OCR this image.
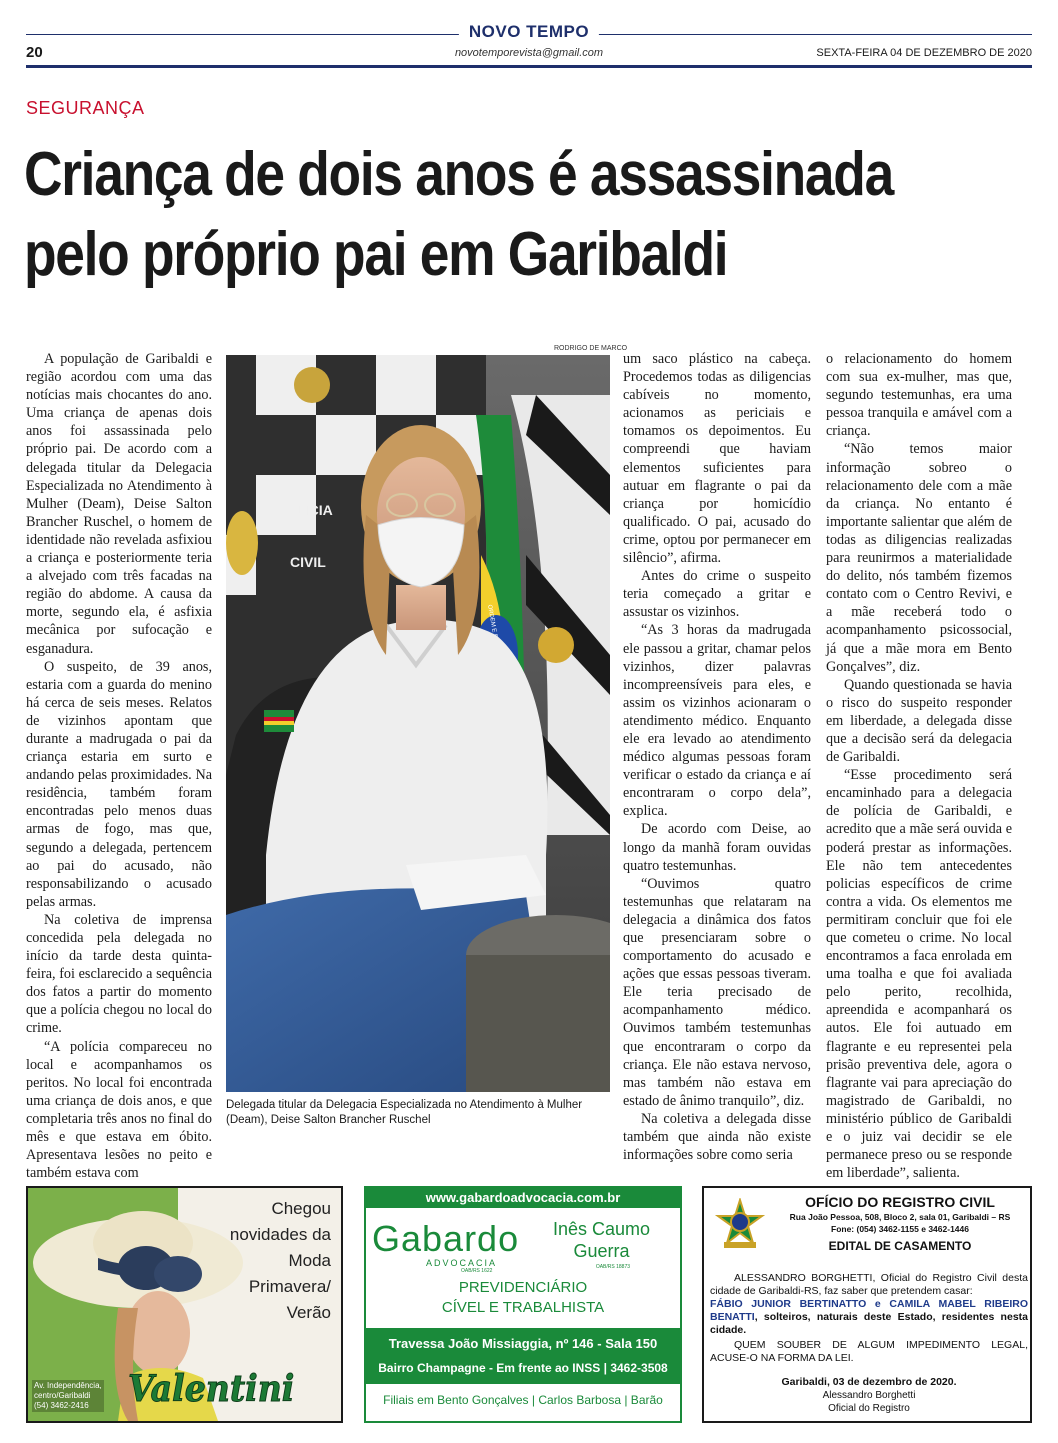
NOVO TEMPO
20	novotemporevista@gmail.com	SEXTA-FEIRA 04 DE DEZEMBRO DE 2020
SEGURANÇA
Criança de dois anos é assassinada
pelo próprio pai em Garibaldi

A população de Garibaldi e região acordou com uma das notícias mais chocantes do ano. Uma criança de apenas dois anos foi assassinada pelo próprio pai. De acordo com a delegada titular da Delegacia Especializada no Atendimento à Mulher (Deam), Deise Salton Brancher Ruschel, o homem de identidade não revelada asfixiou a criança e posteriormente teria a alvejado com três facadas na região do abdome. A causa da morte, segundo ela, é asfixia mecânica por sufocação e esganadura.

O suspeito, de 39 anos, estaria com a guarda do menino há cerca de seis meses. Relatos de vizinhos apontam que durante a madrugada o pai da criança estaria em surto e andando pelas proximidades. Na residência, também foram encontradas pelo menos duas armas de fogo, mas que, segundo a delegada, pertencem ao pai do acusado, não responsabilizando o acusado pelas armas.

Na coletiva de imprensa concedida pela delegada no início da tarde desta quinta-feira, foi esclarecido a sequência dos fatos a partir do momento que a polícia chegou no local do crime.

“A polícia compareceu no local e acompanhamos os peritos. No local foi encontrada uma criança de dois anos, e que completaria três anos no final do mês e que estava em óbito. Apresentava lesões no peito e também estava com

RODRIGO DE MARCO
POLÍCIA
CIVIL
Delegada titular da Delegacia Especializada no Atendimento à Mulher (Deam), Deise Salton Brancher Ruschel

um saco plástico na cabeça. Procedemos todas as diligencias cabíveis no momento, acionamos as periciais e tomamos os depoimentos. Eu compreendi que haviam elementos suficientes para autuar em flagrante o pai da criança por homicídio qualificado. O pai, acusado do crime, optou por permanecer em silêncio”, afirma.

Antes do crime o suspeito teria começado a gritar e assustar os vizinhos.

“As 3 horas da madrugada ele passou a gritar, chamar pelos vizinhos, dizer palavras incompreensíveis para eles, e assim os vizinhos acionaram o atendimento médico. Enquanto ele era levado ao atendimento médico algumas pessoas foram verificar o estado da criança e aí encontraram o corpo dela”, explica.

De acordo com Deise, ao longo da manhã foram ouvidas quatro testemunhas.

“Ouvimos quatro testemunhas que relataram na delegacia a dinâmica dos fatos que presenciaram sobre o comportamento do acusado e ações que essas pessoas tiveram. Ele teria precisado de acompanhamento médico. Ouvimos também testemunhas que encontraram o corpo da criança. Ele não estava nervoso, mas também não estava em estado de ânimo tranquilo”, diz.

Na coletiva a delegada disse também que ainda não existe informações sobre como seria

o relacionamento do homem com sua ex-mulher, mas que, segundo testemunhas, era uma pessoa tranquila e amável com a criança.

“Não temos maior informação sobreo o relacionamento dele com a mãe da criança. No entanto é importante salientar que além de todas as diligencias realizadas para reunirmos a materialidade do delito, nós também fizemos contato com o Centro Revivi, e a mãe receberá todo o acompanhamento psicossocial, já que a mãe mora em Bento Gonçalves”, diz.

Quando questionada se havia o risco do suspeito responder em liberdade, a delegada disse que a decisão será da delegacia de Garibaldi.

“Esse procedimento será encaminhado para a delegacia de polícia de Garibaldi, e acredito que a mãe será ouvida e poderá prestar as informações. Ele não tem antecedentes policias específicos de crime contra a vida. Os elementos me permitiram concluir que foi ele que cometeu o crime. No local encontramos a faca enrolada em uma toalha e que foi avaliada pelo perito, recolhida, apreendida e acompanhará os autos. Ele foi autuado em flagrante e eu representei pela prisão preventiva dele, agora o flagrante vai para apreciação do magistrado de Garibaldi, no ministério público de Garibaldi e o juiz vai decidir se ele permanece preso ou se responde em liberdade”, salienta.

Chegou
novidades da
Moda
Primavera/
Verão
Valentini
Av. Independência,
centro/Garibaldi
(54) 3462-2416
www.gabardoadvocacia.com.br
Gabardo
ADVOCACIA
OAB/RS 1622
Inês Caumo
Guerra
OAB/RS 18873
PREVIDENCIÁRIO
CÍVEL E TRABALHISTA
Travessa João Missiaggia, nº 146 - Sala 150
Bairro Champagne - Em frente ao INSS | 3462-3508
Filiais em Bento Gonçalves | Carlos Barbosa | Barão
OFÍCIO DO REGISTRO CIVIL
Rua João Pessoa, 508, Bloco 2, sala 01, Garibaldi – RS
Fone: (054) 3462-1155 e 3462-1446
EDITAL DE CASAMENTO
ALESSANDRO BORGHETTI, Oficial do Registro Civil desta cidade de Garibaldi-RS, faz saber que pretendem casar:
FÁBIO JUNIOR BERTINATTO e CAMILA MABEL RIBEIRO BENATTI, solteiros, naturais deste Estado, residentes nesta cidade.
QUEM SOUBER DE ALGUM IMPEDIMENTO LEGAL, ACUSE-O NA FORMA DA LEI.
Garibaldi, 03 de dezembro de 2020.
Alessandro Borghetti
Oficial do Registro
